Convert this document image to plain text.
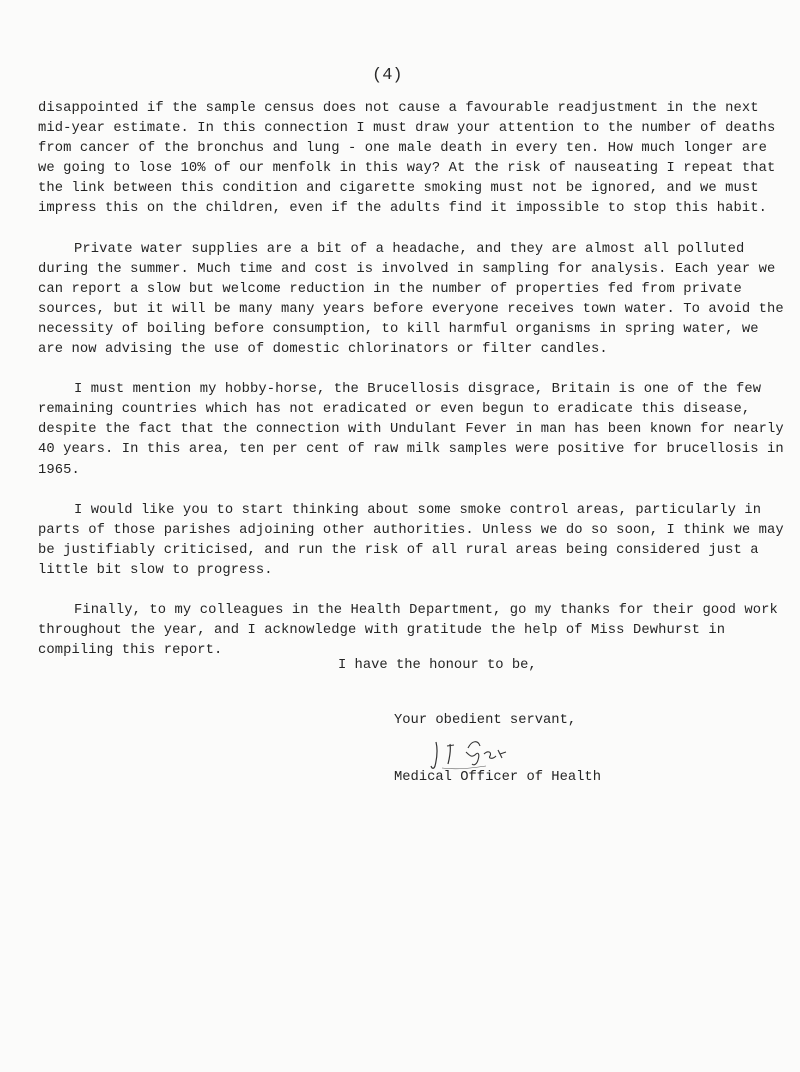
(4)

disappointed if the sample census does not cause a favourable readjustment in the next mid-year estimate. In this connection I must draw your attention to the number of deaths from cancer of the bronchus and lung - one male death in every ten. How much longer are we going to lose 10% of our menfolk in this way? At the risk of nauseating I repeat that the link between this condition and cigarette smoking must not be ignored, and we must impress this on the children, even if the adults find it impossible to stop this habit.

Private water supplies are a bit of a headache, and they are almost all polluted during the summer. Much time and cost is involved in sampling for analysis. Each year we can report a slow but welcome reduction in the number of properties fed from private sources, but it will be many many years before everyone receives town water. To avoid the necessity of boiling before consumption, to kill harmful organisms in spring water, we are now advising the use of domestic chlorinators or filter candles.

I must mention my hobby-horse, the Brucellosis disgrace, Britain is one of the few remaining countries which has not eradicated or even begun to eradicate this disease, despite the fact that the connection with Undulant Fever in man has been known for nearly 40 years. In this area, ten per cent of raw milk samples were positive for brucellosis in 1965.

I would like you to start thinking about some smoke control areas, particularly in parts of those parishes adjoining other authorities. Unless we do so soon, I think we may be justifiably criticised, and run the risk of all rural areas being considered just a little bit slow to progress.

Finally, to my colleagues in the Health Department, go my thanks for their good work throughout the year, and I acknowledge with gratitude the help of Miss Dewhurst in compiling this report.

I have the honour to be,
Your obedient servant,
Medical Officer of Health
